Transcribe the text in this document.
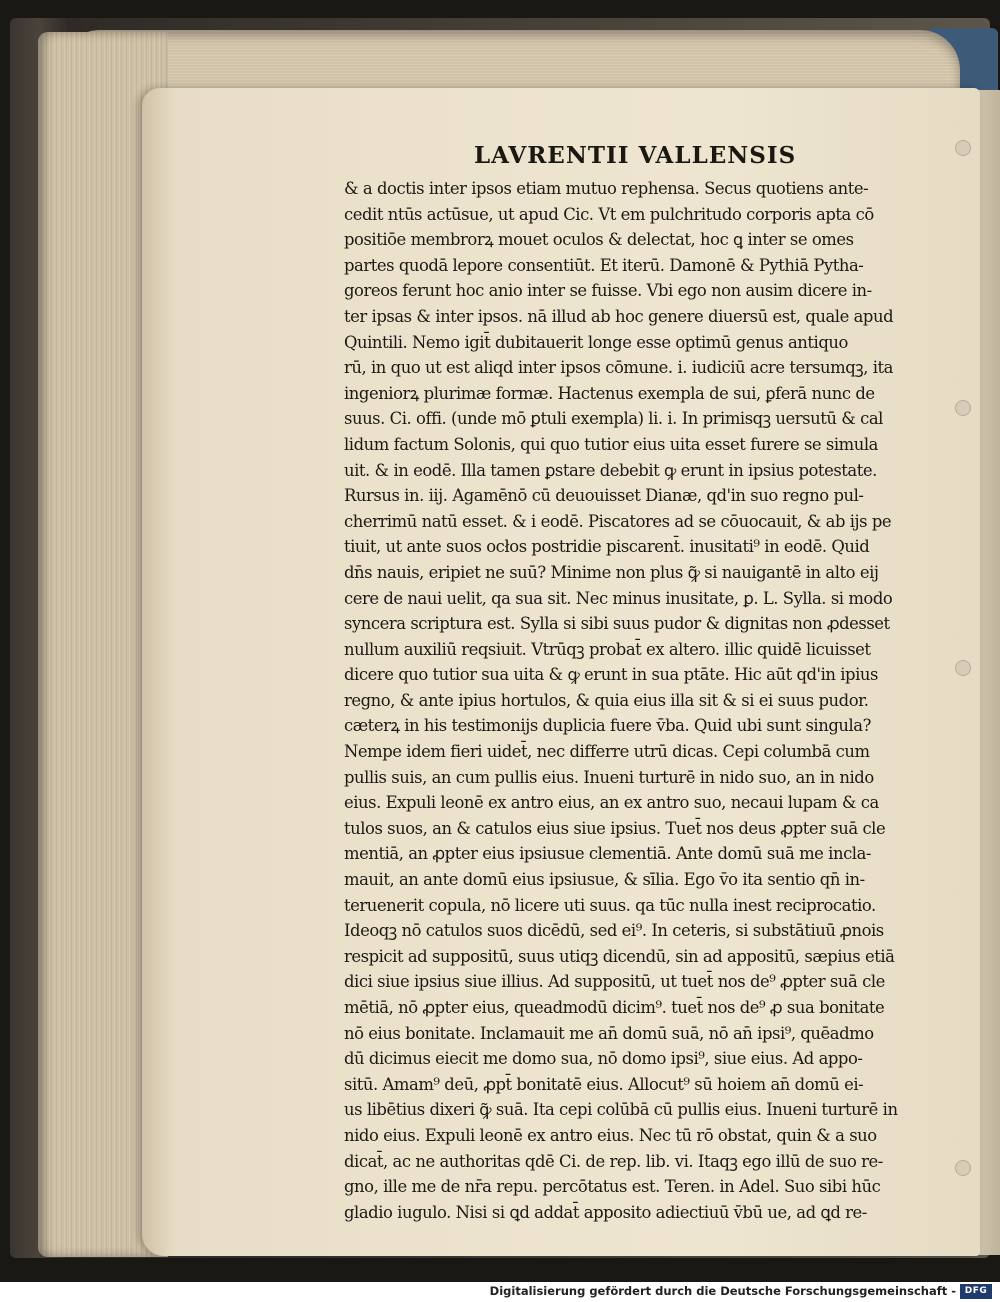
LAVRENTII VALLENSIS
& a doctis inter ipsos etiam mutuo rephensa. Secus quotiens ante-
cedit ntūs actūsue, ut apud Cic. Vt em pulchritudo corporis apta cō
positiōe membrorꝝ mouet oculos & delectat, hoc ꝗ inter se omes
partes quodā lepore consentiūt. Et iterū. Damonē & Pythiā Pytha-
goreos ferunt hoc anio inter se fuisse. Vbi ego non ausim dicere in-
ter ipsas & inter ipsos. nā illud ab hoc genere diuersū est, quale apud
Quintili. Nemo igit̄ dubitauerit longe esse optimū genus antiquo
rū, in quo ut est aliqd inter ipsos cōmune. i. iudiciū acre tersumqꝫ, ita
ingeniorꝝ plurimæ formæ. Hactenus exempla de sui, ꝑferā nunc de
suus. Ci. offi. (unde mō ꝑtuli exempla) li. i. In primisqꝫ uersutū & cal
lidum factum Solonis, qui quo tutior eius uita esset furere se simula
uit. & in eodē. Illa tamen ꝑstare debebit ꝙ erunt in ipsius potestate.
Rursus in. iij. Agamēnō cū deuouisset Dianæ, qd'in suo regno pul-
cherrimū natū esset. & i eodē. Piscatores ad se cōuocauit, & ab ijs pe
tiuit, ut ante suos ocłos postridie piscarent̄. inusitati⁹ in eodē. Quid
dn̄s nauis, eripiet ne suū? Minime non plus ꝙ̃ si nauigantē in alto eij
cere de naui uelit, qa sua sit. Nec minus inusitate, ꝑ. L. Sylla. si modo
syncera scriptura est. Sylla si sibi suus pudor & dignitas non ꝓdesset
nullum auxiliū reqsiuit. Vtrūqꝫ probat̄ ex altero. illic quidē licuisset
dicere quo tutior sua uita & ꝙ erunt in sua ptāte. Hic aūt qd'in ipius
regno, & ante ipius hortulos, & quia eius illa sit & si ei suus pudor.
cæterꝝ in his testimonijs duplicia fuere v̄ba. Quid ubi sunt singula?
Nempe idem fieri uidet̄, nec differre utrū dicas. Cepi columbā cum
pullis suis, an cum pullis eius. Inueni turturē in nido suo, an in nido
eius. Expuli leonē ex antro eius, an ex antro suo, necaui lupam & ca
tulos suos, an & catulos eius siue ipsius. Tuet̄ nos deus ꝓpter suā cle
mentiā, an ꝓpter eius ipsiusue clementiā. Ante domū suā me incla-
mauit, an ante domū eius ipsiusue, & sīlia. Ego v̄o ita sentio qn̄ in-
teruenerit copula, nō licere uti suus. qa tūc nulla inest reciprocatio.
Ideoqꝫ nō catulos suos dicēdū, sed ei⁹. In ceteris, si substātiuū ꝓnois
respicit ad suppositū, suus utiqꝫ dicendū, sin ad appositū, sæpius etiā
dici siue ipsius siue illius. Ad suppositū, ut tuet̄ nos de⁹ ꝓpter suā cle
mētiā, nō ꝓpter eius, queadmodū dicim⁹. tuet̄ nos de⁹ ꝓ sua bonitate
nō eius bonitate. Inclamauit me an̄ domū suā, nō an̄ ipsi⁹, quēadmo
dū dicimus eiecit me domo sua, nō domo ipsi⁹, siue eius. Ad appo-
sitū. Amam⁹ deū, ꝓpt̄ bonitatē eius. Allocut⁹ sū hoiem an̄ domū ei-
us libētius dixeri ꝙ̃ suā. Ita cepi colūbā cū pullis eius. Inueni turturē in
nido eius. Expuli leonē ex antro eius. Nec tū rō obstat, quin & a suo
dicat̄, ac ne authoritas qdē Ci. de rep. lib. vi. Itaqꝫ ego illū de suo re-
gno, ille me de nr̄a repu. percōtatus est. Teren. in Adel. Suo sibi hūc
gladio iugulo. Nisi si ꝗd addat̄ apposito adiectiuū v̄bū ue, ad ꝗd re-
Digitalisierung gefördert durch die Deutsche Forschungsgemeinschaft - DFG
